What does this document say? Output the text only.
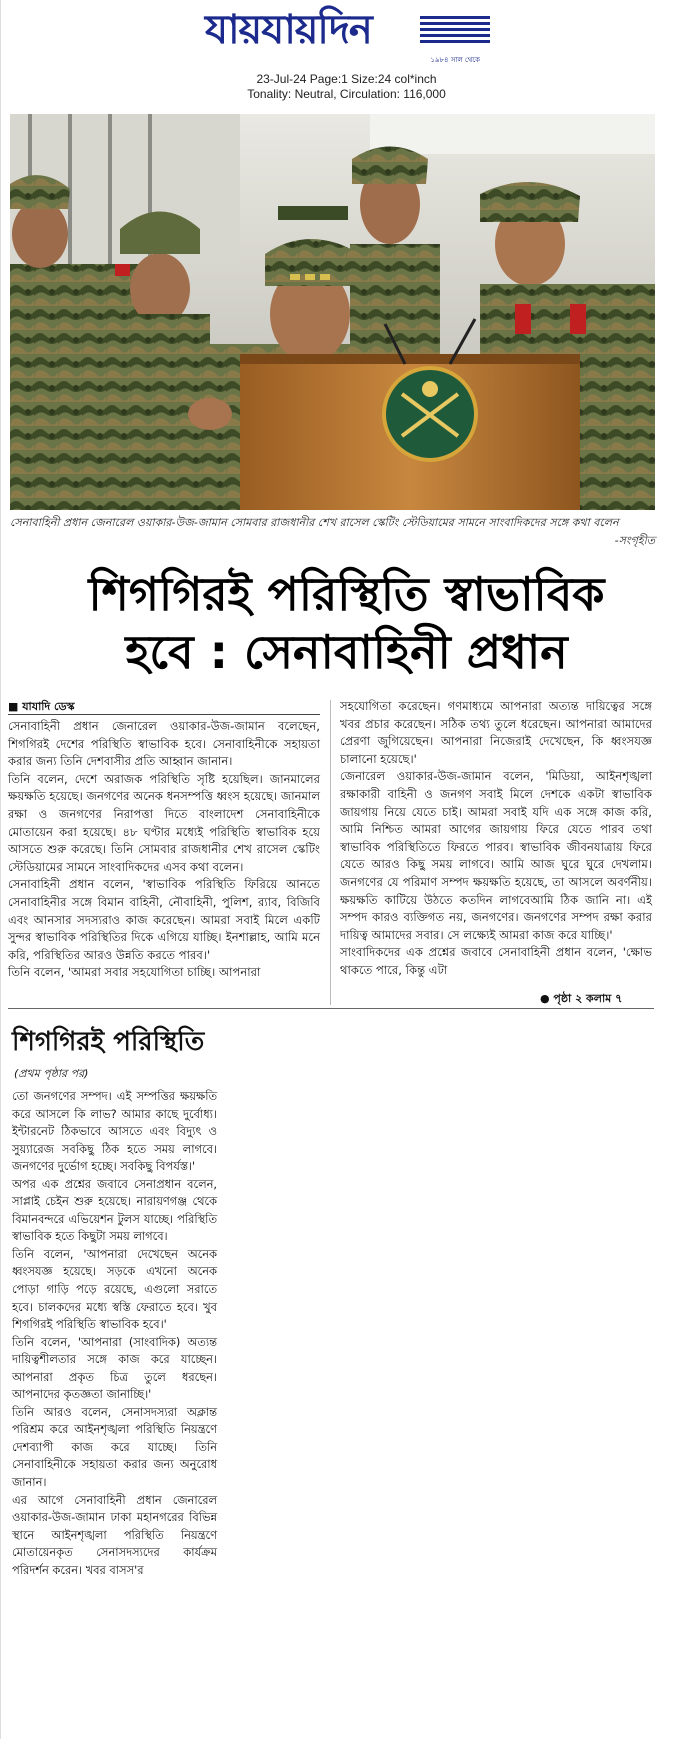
যায়যায়দিন
১৯৮৪ সাল থেকে
23-Jul-24 Page:1 Size:24 col*inch
Tonality: Neutral, Circulation: 116,000
সেনাবাহিনী প্রধান জেনারেল ওয়াকার-উজ-জামান সোমবার রাজধানীর শেখ রাসেল স্কেটিং স্টেডিয়ামের সামনে সাংবাদিকদের সঙ্গে কথা বলেন
-সংগৃহীত
শিগগিরই পরিস্থিতি স্বাভাবিক
হবে : সেনাবাহিনী প্রধান
■ যাযাদি ডেস্ক

সেনাবাহিনী প্রধান জেনারেল ওয়াকার-উজ-জামান বলেছেন, শিগগিরই দেশের পরিস্থিতি স্বাভাবিক হবে। সেনাবাহিনীকে সহায়তা করার জন্য তিনি দেশবাসীর প্রতি আহ্বান জানান।

তিনি বলেন, দেশে অরাজক পরিস্থিতি সৃষ্টি হয়েছিল। জানমালের ক্ষয়ক্ষতি হয়েছে। জনগণের অনেক ধনসম্পত্তি ধ্বংস হয়েছে। জানমাল রক্ষা ও জনগণের নিরাপত্তা দিতে বাংলাদেশ সেনাবাহিনীকে মোতায়েন করা হয়েছে। ৪৮ ঘণ্টার মধ্যেই পরিস্থিতি স্বাভাবিক হয়ে আসতে শুরু করেছে। তিনি সোমবার রাজধানীর শেখ রাসেল স্কেটিং স্টেডিয়ামের সামনে সাংবাদিকদের এসব কথা বলেন।

সেনাবাহিনী প্রধান বলেন, 'স্বাভাবিক পরিস্থিতি ফিরিয়ে আনতে সেনাবাহিনীর সঙ্গে বিমান বাহিনী, নৌবাহিনী, পুলিশ, র‍্যাব, বিজিবি এবং আনসার সদস্যরাও কাজ করেছেন। আমরা সবাই মিলে একটি সুন্দর স্বাভাবিক পরিস্থিতির দিকে এগিয়ে যাচ্ছি। ইনশাল্লাহ, আমি মনে করি, পরিস্থিতির আরও উন্নতি করতে পারব।'

তিনি বলেন, 'আমরা সবার সহযোগিতা চাচ্ছি। আপনারা

সহযোগিতা করেছেন। গণমাধ্যমে আপনারা অত্যন্ত দায়িত্বের সঙ্গে খবর প্রচার করেছেন। সঠিক তথ্য তুলে ধরেছেন। আপনারা আমাদের প্রেরণা জুগিয়েছেন। আপনারা নিজেরাই দেখেছেন, কি ধ্বংসযজ্ঞ চালানো হয়েছে।'

জেনারেল ওয়াকার-উজ-জামান বলেন, 'মিডিয়া, আইনশৃঙ্খলা রক্ষাকারী বাহিনী ও জনগণ সবাই মিলে দেশকে একটা স্বাভাবিক জায়গায় নিয়ে যেতে চাই। আমরা সবাই যদি এক সঙ্গে কাজ করি, আমি নিশ্চিত আমরা আগের জায়গায় ফিরে যেতে পারব তথা স্বাভাবিক পরিস্থিতিতে ফিরতে পারব। স্বাভাবিক জীবনযাত্রায় ফিরে যেতে আরও কিছু সময় লাগবে। আমি আজ ঘুরে ঘুরে দেখলাম। জনগণের যে পরিমাণ সম্পদ ক্ষয়ক্ষতি হয়েছে, তা আসলে অবর্ণনীয়। ক্ষয়ক্ষতি কাটিয়ে উঠতে কতদিন লাগবেআমি ঠিক জানি না। এই সম্পদ কারও ব্যক্তিগত নয়, জনগণের। জনগণের সম্পদ রক্ষা করার দায়িত্ব আমাদের সবার। সে লক্ষ্যেই আমরা কাজ করে যাচ্ছি।'

সাংবাদিকদের এক প্রশ্নের জবাবে সেনাবাহিনী প্রধান বলেন, 'ক্ষোভ থাকতে পারে, কিন্তু এটা

● পৃষ্ঠা ২ কলাম ৭
শিগগিরই পরিস্থিতি
(প্রথম পৃষ্ঠার পর)

তো জনগণের সম্পদ। এই সম্পত্তির ক্ষয়ক্ষতি করে আসলে কি লাভ? আমার কাছে দুর্বোধ্য। ইন্টারনেট ঠিকভাবে আসতে এবং বিদ্যুৎ ও সুয়্যারেজ সবকিছু ঠিক হতে সময় লাগবে। জনগণের দুর্ভোগ হচ্ছে। সবকিছু বিপর্যস্ত।'

অপর এক প্রশ্নের জবাবে সেনাপ্রধান বলেন, সাপ্লাই চেইন শুরু হয়েছে। নারায়ণগঞ্জ থেকে বিমানবন্দরে এভিয়েশন টুলস যাচ্ছে। পরিস্থিতি স্বাভাবিক হতে কিছুটা সময় লাগবে।

তিনি বলেন, 'আপনারা দেখেছেন অনেক ধ্বংসযজ্ঞ হয়েছে। সড়কে এখনো অনেক পোড়া গাড়ি পড়ে রয়েছে, এগুলো সরাতে হবে। চালকদের মধ্যে স্বস্তি ফেরাতে হবে। খুব শিগগিরই পরিস্থিতি স্বাভাবিক হবে।'

তিনি বলেন, 'আপনারা (সাংবাদিক) অত্যন্ত দায়িত্বশীলতার সঙ্গে কাজ করে যাচ্ছেন। আপনারা প্রকৃত চিত্র তুলে ধরছেন। আপনাদের কৃতজ্ঞতা জানাচ্ছি।'

তিনি আরও বলেন, সেনাসদস্যরা অক্লান্ত পরিশ্রম করে আইনশৃঙ্খলা পরিস্থিতি নিয়ন্ত্রণে দেশব্যাপী কাজ করে যাচ্ছে। তিনি সেনাবাহিনীকে সহায়তা করার জন্য অনুরোধ জানান।

এর আগে সেনাবাহিনী প্রধান জেনারেল ওয়াকার-উজ-জামান ঢাকা মহানগরের বিভিন্ন স্থানে আইনশৃঙ্খলা পরিস্থিতি নিয়ন্ত্রণে মোতায়েনকৃত সেনাসদস্যদের কার্যক্রম পরিদর্শন করেন। খবর বাসস'র
